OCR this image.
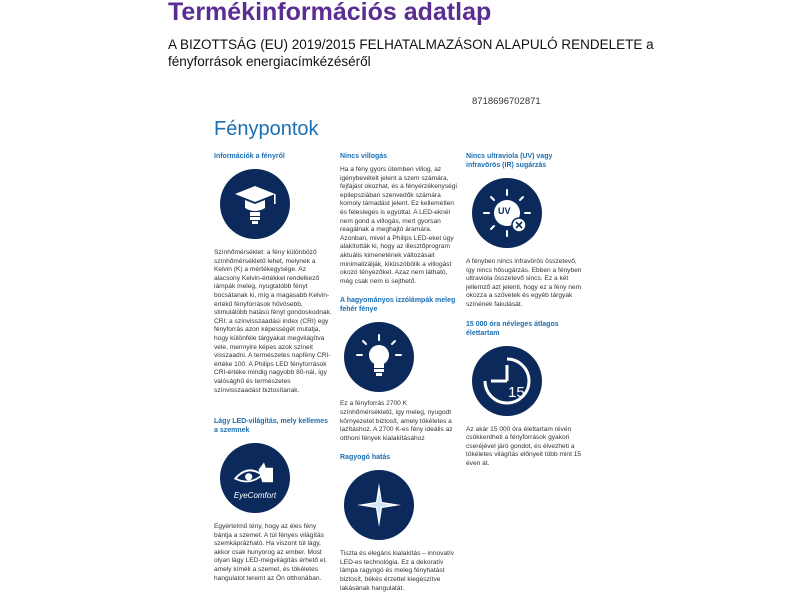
Termékinformációs adatlap
A BIZOTTSÁG (EU) 2019/2015 FELHATALMAZÁSON ALAPULÓ RENDELETE a fényforrások energiacímkézéséről
8718696702871
Fénypontok
Információk a fényről
Színhőmérséklet: a fény különböző színhőmérsékletű lehet, melynek a Kelvin (K) a mértékegysége. Az alacsony Kelvin-értékkel rendelkező lámpák meleg, nyugtatóbb fényt bocsátanak ki, míg a magasabb Kelvin-értékű fényforrások hűvösebb, stimulálóbb hatású fényt gondoskodnak. CRI: a színvisszaadási index (CRI) egy fényforrás azon képességét mutatja, hogy különféle tárgyakat megvilágítva vele, mennyire képes azok színeit visszaadni. A természetes napfény CRI-értéke 100. A Philips LED fényforrások CRI-értéke mindig nagyobb 80-nál, így valósághű és természetes színvisszaadást biztosítanak.
Lágy LED-világítás, mely kellemes a szemnek
EyeComfort
Egyértelmű tény, hogy az éles fény bántja a szemet. A túl fényes világítás szemkáprázható. Ha viszont túl lágy, akkor csak hunyorog az ember. Most olyan lágy LED-megvilágítás érhető el, amely kíméli a szemet, és tökéletes hangulatot teremt az Ön otthonában.
Nincs villogás
Ha a fény gyors ütemben villog, az igénybevételt jelent a szem számára, fejfájást okozhat, és a fényérzékenységi epilepsziában szenvedők számára komoly támadást jelent. Ez kellemetlen és felesleges is egyúttal. A LED-eknél nem gond a villogás, mert gyorsan reagálnak a meghajtó áramára. Azonban, mivel a Philips LED-eket úgy alakították ki, hogy az illesztőprogram aktuális kimenetének változásait minimalizálják, kiküszöbölik a villogást okozó tényezőket. Azaz nem látható, még csak nem is sejthető.
A hagyományos izzólámpák meleg fehér fénye
Ez a fényforrás 2700 K színhőmérsékletű, így meleg, nyugodt környezetet biztosít, amely tökéletes a lazításhoz. A 2700 K-es fény ideális az otthoni fények kialakításához
Ragyogó hatás
Tiszta és elegáns kialakítás – innovatív LED-es technológia. Ez a dekoratív lámpa ragyogó és meleg fényhatást biztosít, békés érzettel kiegészítve lakásának hangulatát.
Nincs ultraviola (UV) vagy infravörös (IR) sugárzás
UV
A fényben nincs infravörös összetevő, így nincs hősugárzás. Ebben a fényben ultraviola összetevő sincs. Ez a két jellemző azt jelenti, hogy ez a fény nem okozza a szövetek és egyéb tárgyak színének fakulását.
15 000 óra névleges átlagos élettartam
15
Az akár 15 000 óra élettartam révén csökkentheti a fényforrások gyakori cseréjével járó gondot, és élvezheti a tökéletes világítás előnyeit több mint 15 éven át.
